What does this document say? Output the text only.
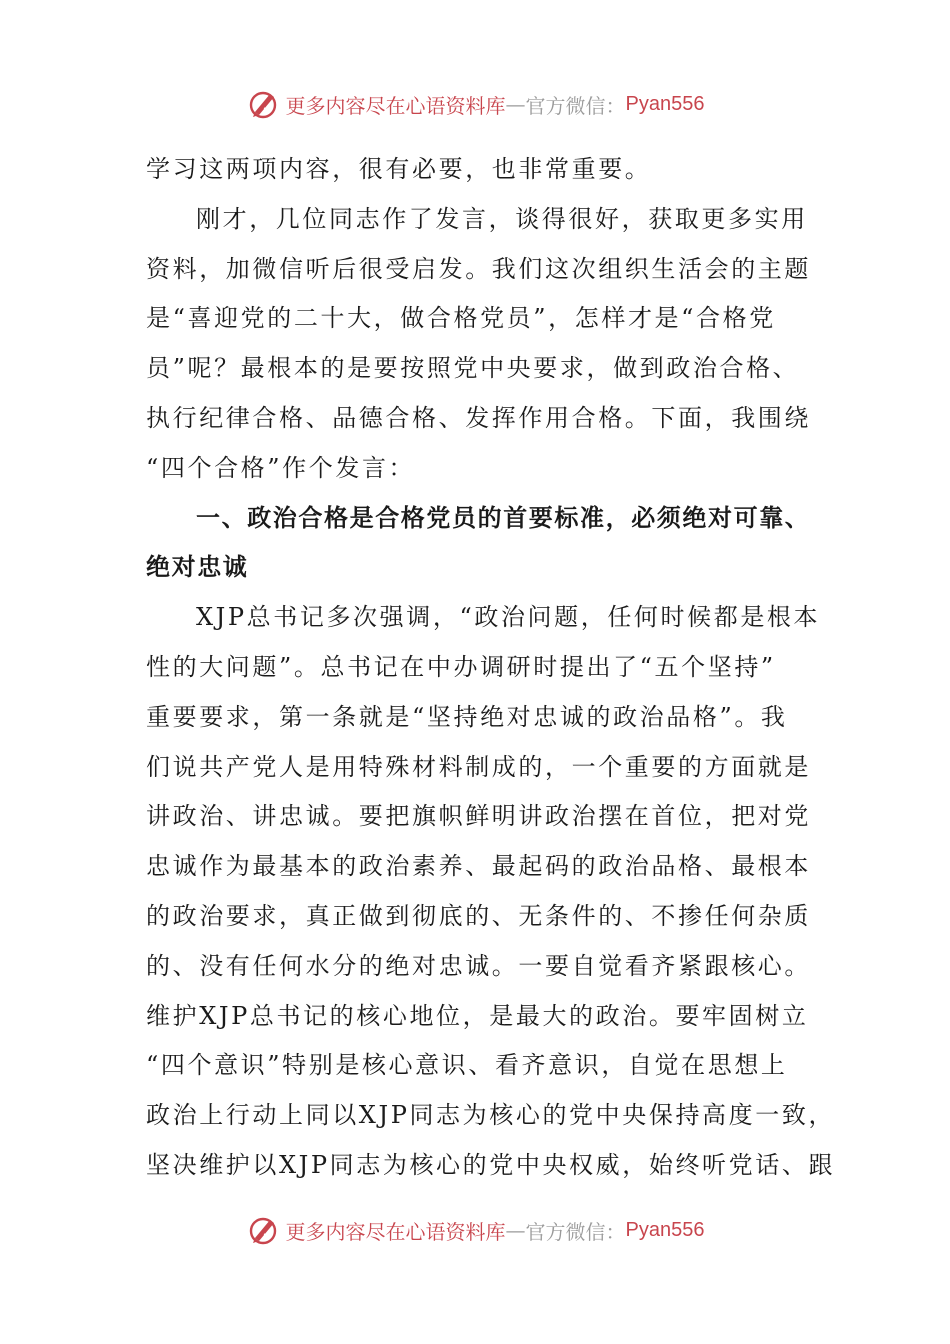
更多内容尽在心语资料库 — 官方微信： Pyan556
学习这两项内容，很有必要，也非常重要。
刚才，几位同志作了发言，谈得很好，获取更多实用
资料，加微信听后很受启发。我们这次组织生活会的主题
是“喜迎党的二十大，做合格党员”，怎样才是“合格党
员”呢？最根本的是要按照党中央要求，做到政治合格、
执行纪律合格、品德合格、发挥作用合格。下面，我围绕
“四个合格”作个发言：
一、政治合格是合格党员的首要标准，必须绝对可靠、
绝对忠诚
XJP总书记多次强调，“政治问题，任何时候都是根本
性的大问题”。总书记在中办调研时提出了“五个坚持”
重要要求，第一条就是“坚持绝对忠诚的政治品格”。我
们说共产党人是用特殊材料制成的，一个重要的方面就是
讲政治、讲忠诚。要把旗帜鲜明讲政治摆在首位，把对党
忠诚作为最基本的政治素养、最起码的政治品格、最根本
的政治要求，真正做到彻底的、无条件的、不掺任何杂质
的、没有任何水分的绝对忠诚。一要自觉看齐紧跟核心。
维护XJP总书记的核心地位，是最大的政治。要牢固树立
“四个意识”特别是核心意识、看齐意识，自觉在思想上
政治上行动上同以XJP同志为核心的党中央保持高度一致，
坚决维护以XJP同志为核心的党中央权威，始终听党话、跟
更多内容尽在心语资料库 — 官方微信： Pyan556
